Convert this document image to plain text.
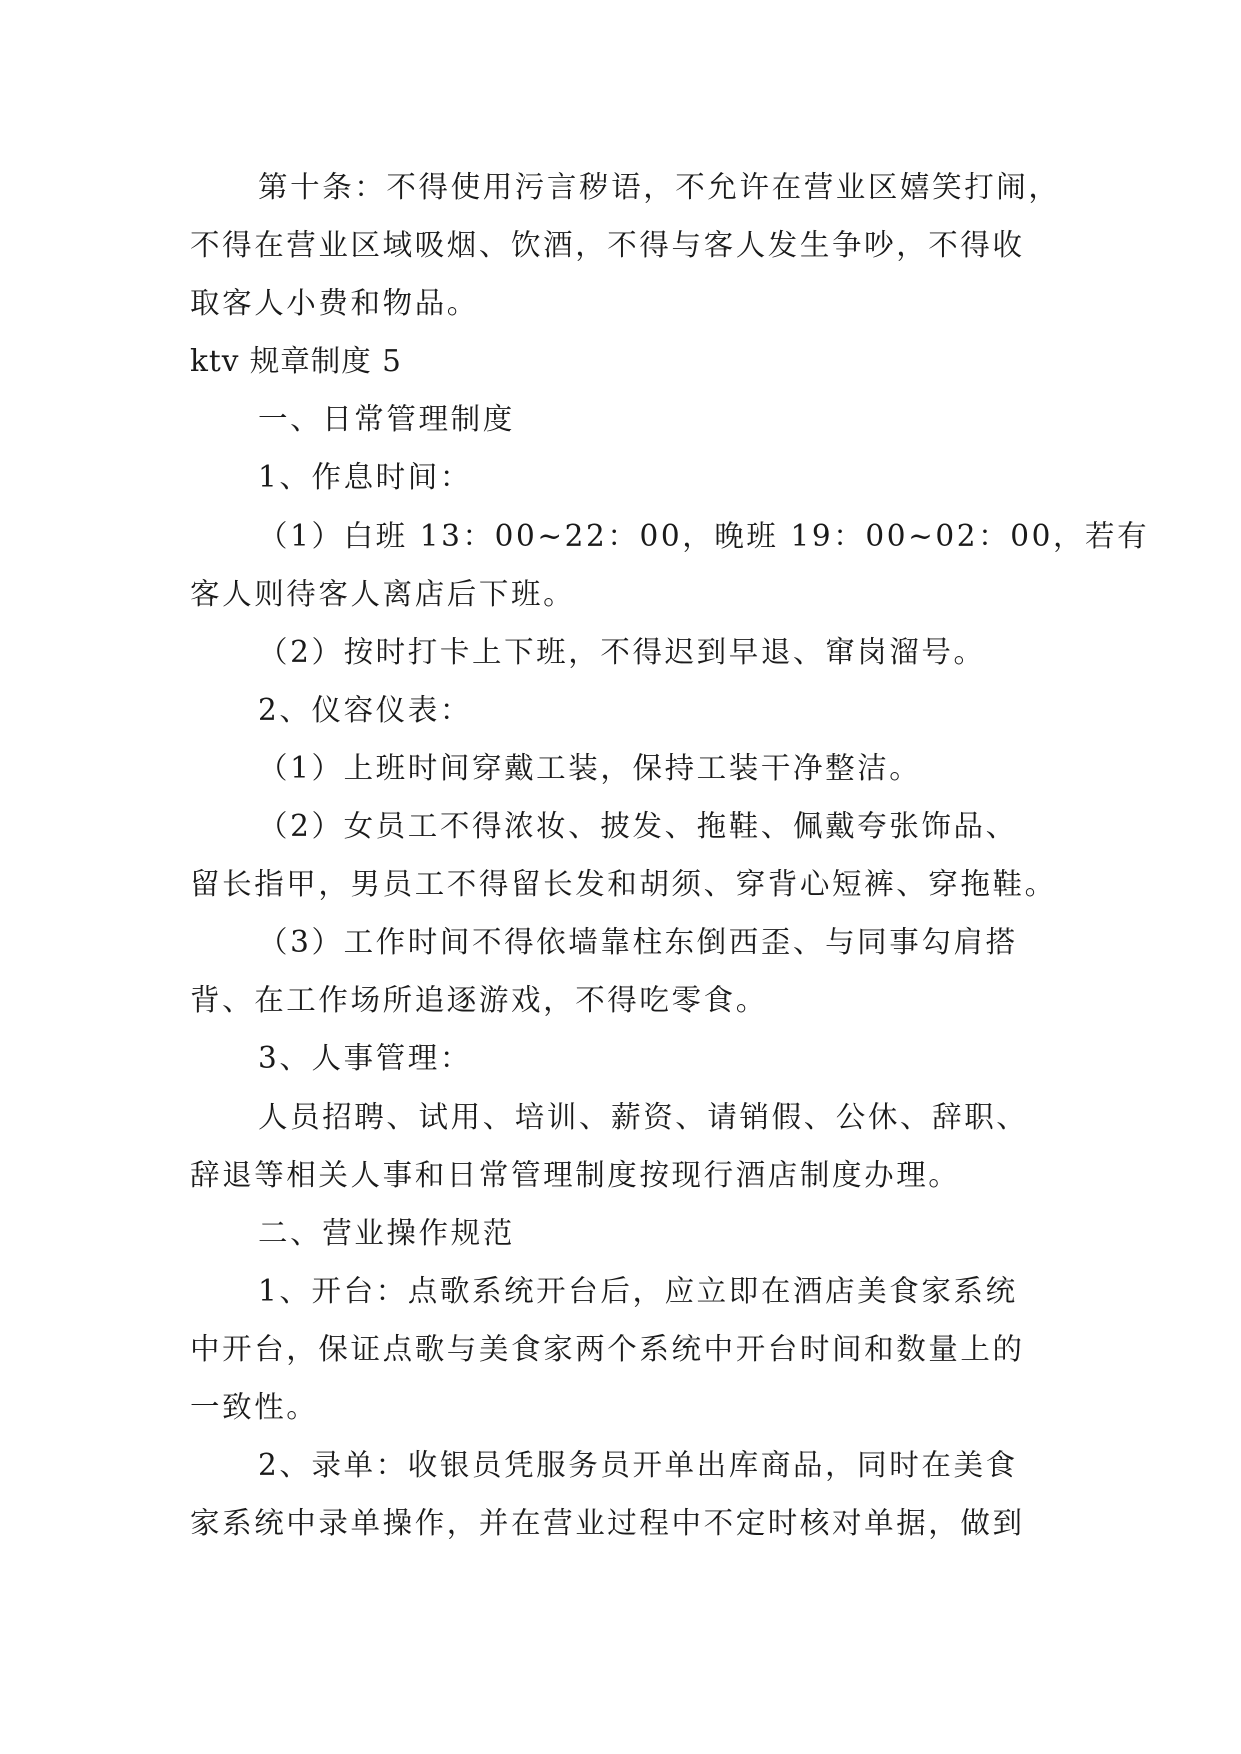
第十条：不得使用污言秽语，不允许在营业区嬉笑打闹，
不得在营业区域吸烟、饮酒，不得与客人发生争吵，不得收
取客人小费和物品。
ktv 规章制度 5
一、日常管理制度
1、作息时间：
（1）白班 13：00~22：00，晚班 19：00~02：00，若有
客人则待客人离店后下班。
（2）按时打卡上下班，不得迟到早退、窜岗溜号。
2、仪容仪表：
（1）上班时间穿戴工装，保持工装干净整洁。
（2）女员工不得浓妆、披发、拖鞋、佩戴夸张饰品、
留长指甲，男员工不得留长发和胡须、穿背心短裤、穿拖鞋。
（3）工作时间不得依墙靠柱东倒西歪、与同事勾肩搭
背、在工作场所追逐游戏，不得吃零食。
3、人事管理：
人员招聘、试用、培训、薪资、请销假、公休、辞职、
辞退等相关人事和日常管理制度按现行酒店制度办理。
二、营业操作规范
1、开台：点歌系统开台后，应立即在酒店美食家系统
中开台，保证点歌与美食家两个系统中开台时间和数量上的
一致性。
2、录单：收银员凭服务员开单出库商品，同时在美食
家系统中录单操作，并在营业过程中不定时核对单据，做到
